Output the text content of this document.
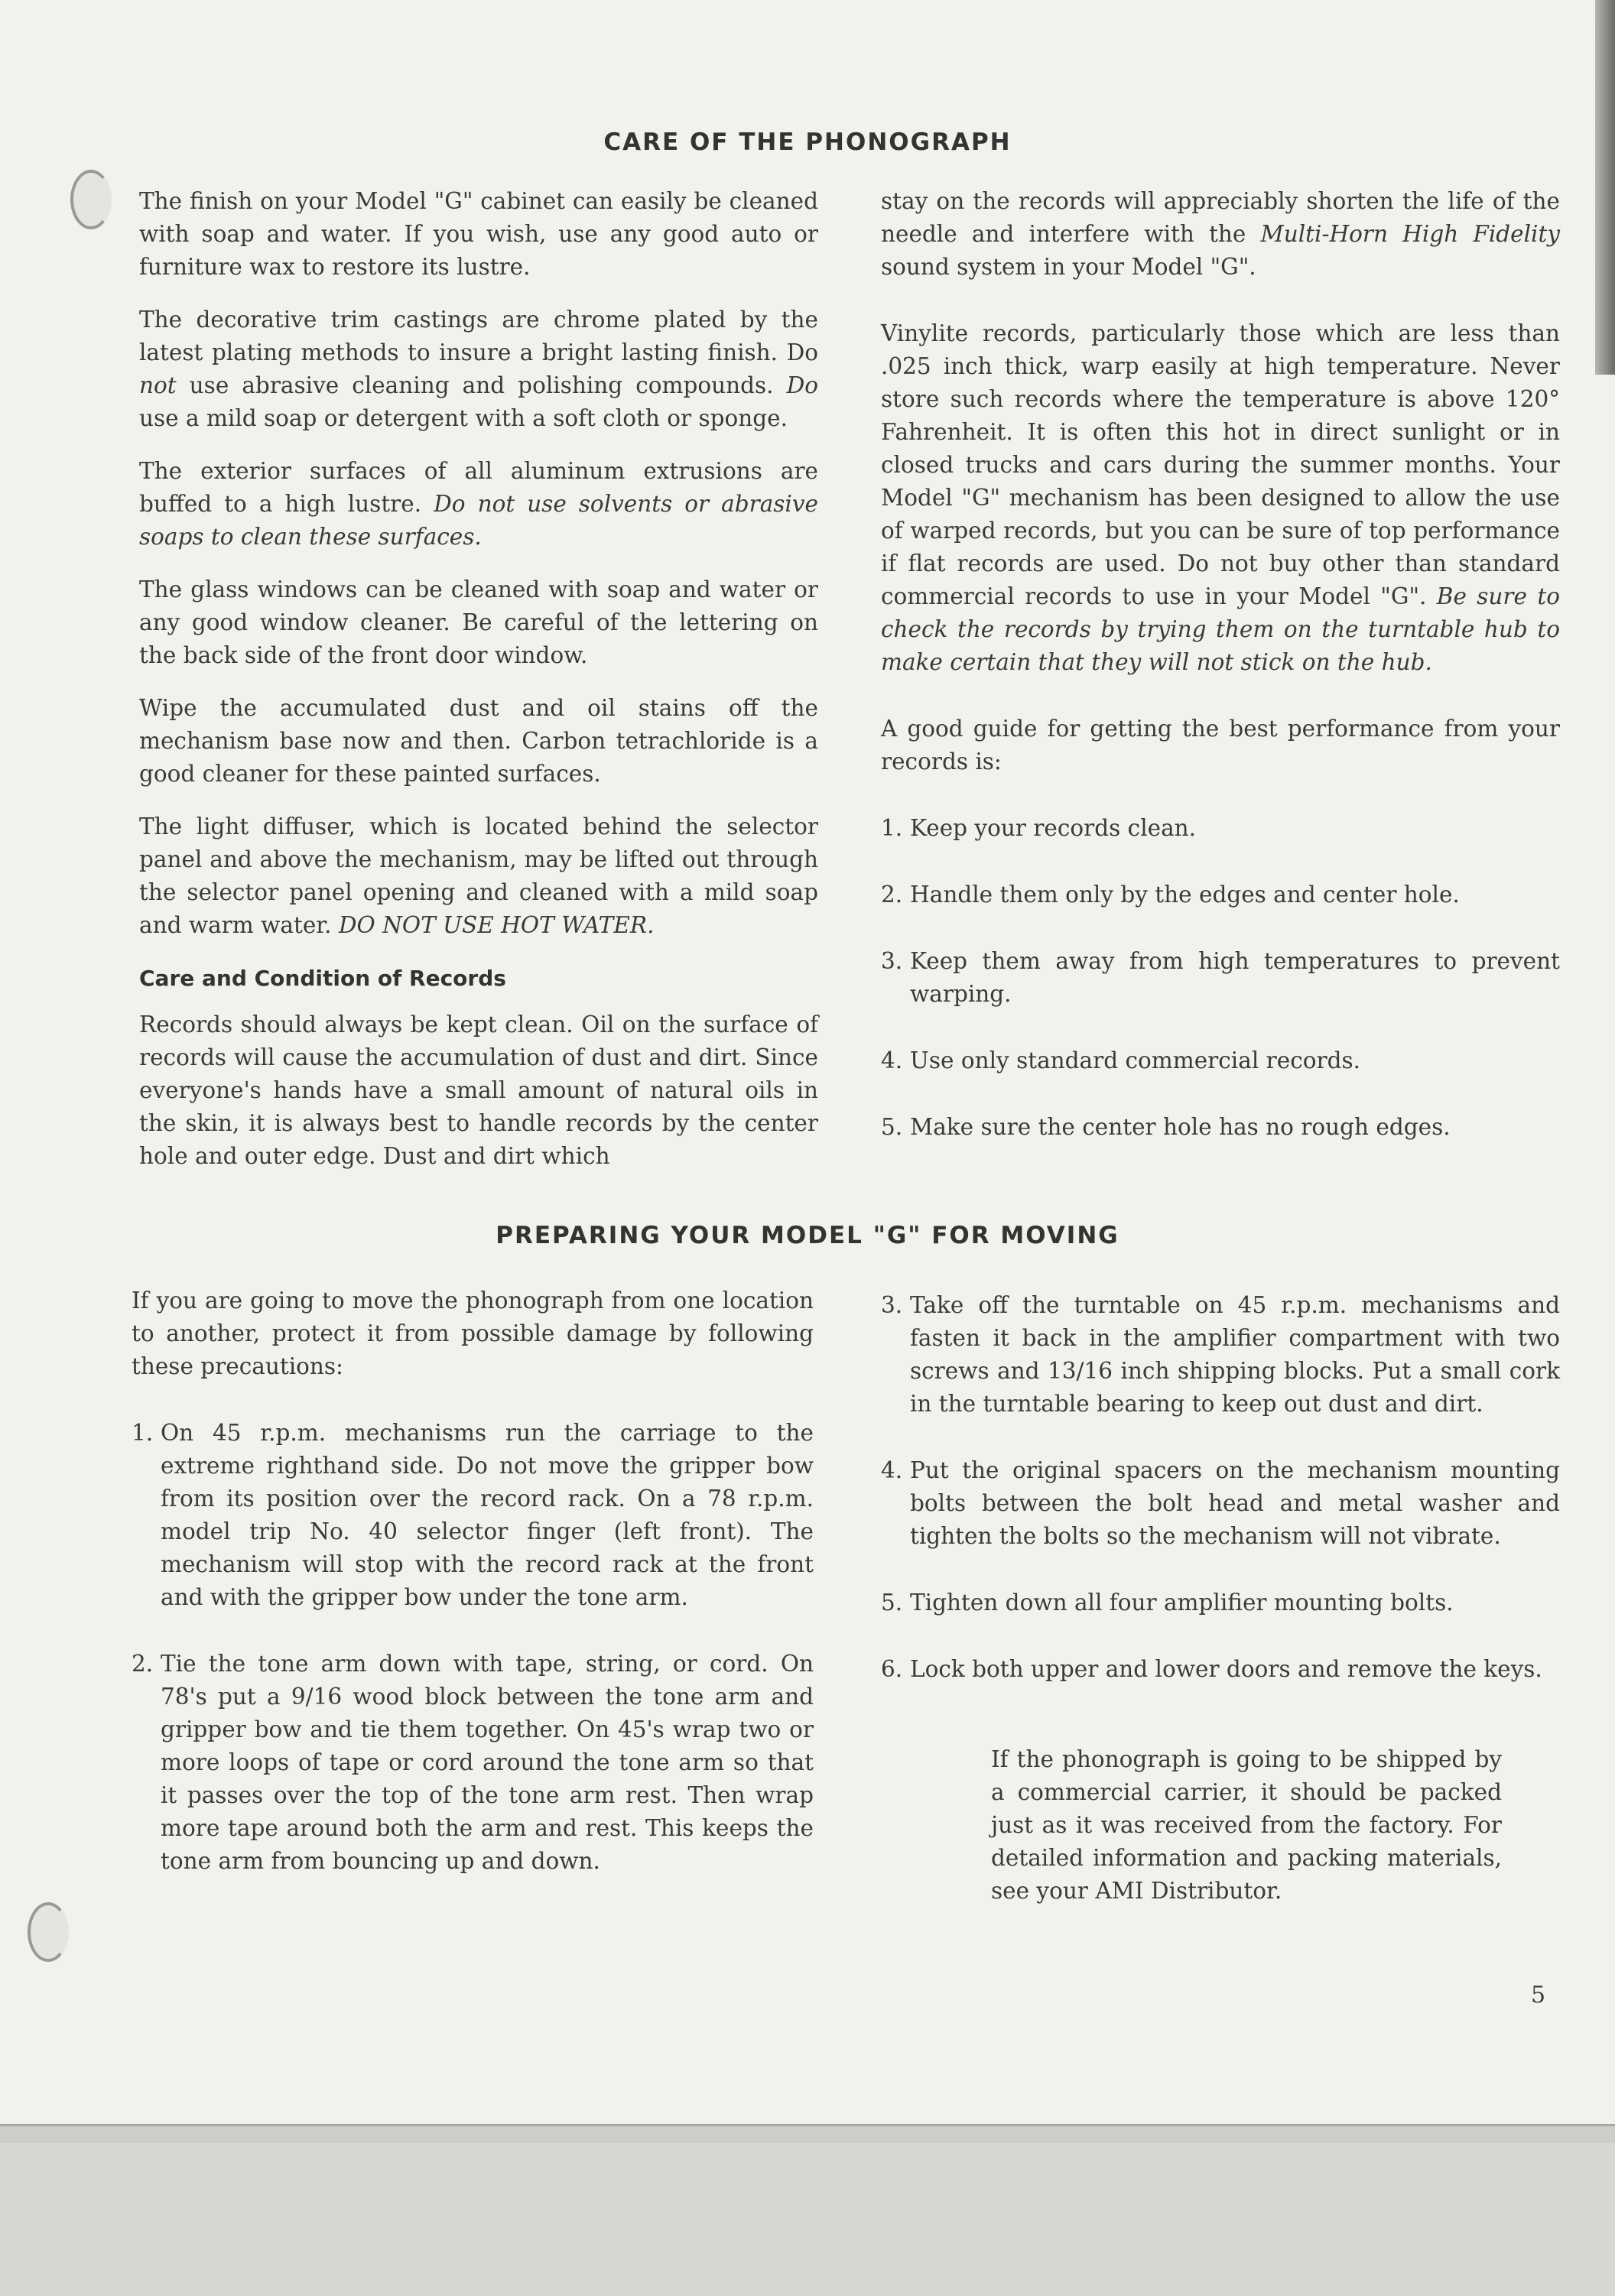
CARE OF THE PHONOGRAPH

The finish on your Model "G" cabinet can easily be cleaned with soap and water. If you wish, use any good auto or furniture wax to restore its lustre.

The decorative trim castings are chrome plated by the latest plating methods to insure a bright lasting finish. Do not use abrasive cleaning and polishing compounds. Do use a mild soap or detergent with a soft cloth or sponge.

The exterior surfaces of all aluminum extrusions are buffed to a high lustre. Do not use solvents or abrasive soaps to clean these surfaces.

The glass windows can be cleaned with soap and water or any good window cleaner. Be careful of the lettering on the back side of the front door window.

Wipe the accumulated dust and oil stains off the mechanism base now and then. Carbon tetrachloride is a good cleaner for these painted surfaces.

The light diffuser, which is located behind the selector panel and above the mechanism, may be lifted out through the selector panel opening and cleaned with a mild soap and warm water. DO NOT USE HOT WATER.

Care and Condition of Records

Records should always be kept clean. Oil on the surface of records will cause the accumulation of dust and dirt. Since everyone's hands have a small amount of natural oils in the skin, it is always best to handle records by the center hole and outer edge. Dust and dirt which

stay on the records will appreciably shorten the life of the needle and interfere with the Multi-Horn High Fidelity sound system in your Model "G".

Vinylite records, particularly those which are less than .025 inch thick, warp easily at high temperature. Never store such records where the temperature is above 120° Fahrenheit. It is often this hot in direct sunlight or in closed trucks and cars during the summer months. Your Model "G" mechanism has been designed to allow the use of warped records, but you can be sure of top performance if flat records are used. Do not buy other than standard commercial records to use in your Model "G". Be sure to check the records by trying them on the turntable hub to make certain that they will not stick on the hub.

A good guide for getting the best performance from your records is:

1. Keep your records clean.
2. Handle them only by the edges and center hole.
3. Keep them away from high temperatures to prevent warping.
4. Use only standard commercial records.
5. Make sure the center hole has no rough edges.
PREPARING YOUR MODEL "G" FOR MOVING

If you are going to move the phonograph from one location to another, protect it from possible damage by following these precautions:

1. On 45 r.p.m. mechanisms run the carriage to the extreme righthand side. Do not move the gripper bow from its position over the record rack. On a 78 r.p.m. model trip No. 40 selector finger (left front). The mechanism will stop with the record rack at the front and with the gripper bow under the tone arm.
2. Tie the tone arm down with tape, string, or cord. On 78's put a 9/16 wood block between the tone arm and gripper bow and tie them together. On 45's wrap two or more loops of tape or cord around the tone arm so that it passes over the top of the tone arm rest. Then wrap more tape around both the arm and rest. This keeps the tone arm from bouncing up and down.
3. Take off the turntable on 45 r.p.m. mechanisms and fasten it back in the amplifier compartment with two screws and 13/16 inch shipping blocks. Put a small cork in the turntable bearing to keep out dust and dirt.
4. Put the original spacers on the mechanism mounting bolts between the bolt head and metal washer and tighten the bolts so the mechanism will not vibrate.
5. Tighten down all four amplifier mounting bolts.
6. Lock both upper and lower doors and remove the keys.
If the phonograph is going to be shipped by a commercial carrier, it should be packed just as it was received from the factory. For detailed information and packing materials, see your AMI Distributor.
5
